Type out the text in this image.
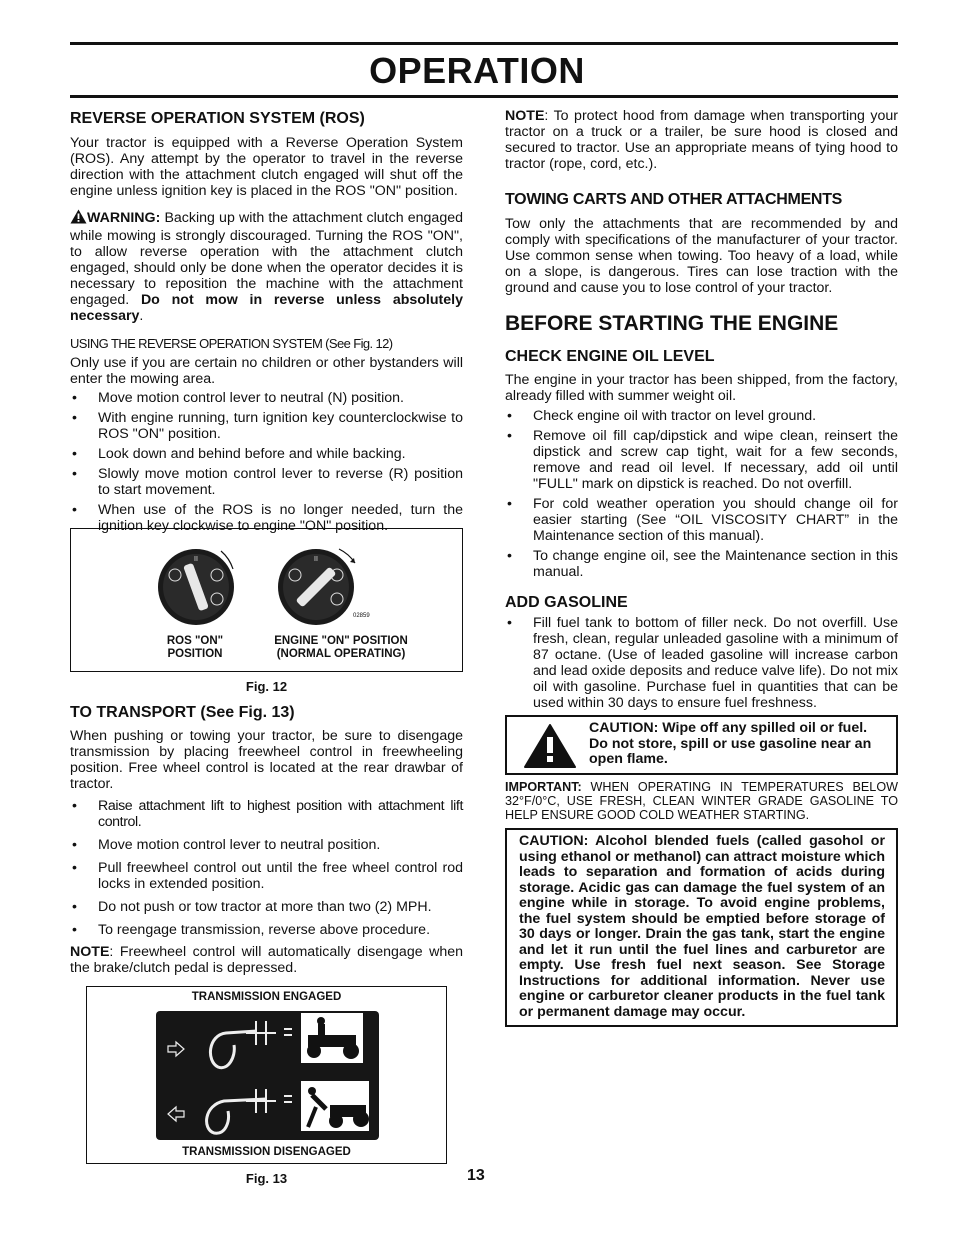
OPERATION
REVERSE OPERATION SYSTEM (ROS)

Your tractor is equipped with a Reverse Operation System (ROS). Any attempt by the operator to travel in the reverse direction with the attachment clutch engaged will shut off the engine unless ignition key is placed in the ROS "ON" position.

WARNING: Backing up with the attachment clutch engaged while mowing is strongly discouraged. Turning the ROS "ON", to allow reverse operation with the attachment clutch engaged, should only be done when the operator decides it is necessary to reposition the machine with the attachment engaged. Do not mow in reverse unless absolutely necessary.

USING THE REVERSE OPERATION SYSTEM (See Fig. 12)

Only use if you are certain no children or other bystanders will enter the mowing area.

• Move motion control lever to neutral (N) position.
• With engine running, turn ignition key counterclockwise to ROS "ON" position.
• Look down and behind before and while backing.
• Slowly move motion control lever to reverse (R) position to start movement.
• When use of the ROS is no longer needed, turn the ignition key clockwise to engine "ON" position.
II	II
02859
ROS "ON" POSITION
ENGINE "ON" POSITION (NORMAL OPERATING)
Fig. 12
TO TRANSPORT (See Fig. 13)

When pushing or towing your tractor, be sure to disengage transmission by placing freewheel control in freewheeling position. Free wheel control is located at the rear drawbar of tractor.

• Raise attachment lift to highest position with attachment lift control.
• Move motion control lever to neutral position.
• Pull freewheel control out until the free wheel control rod locks in extended position.
• Do not push or tow tractor at more than two (2) MPH.
• To reengage transmission, reverse above procedure.

NOTE: Freewheel control will automatically disengage when the brake/clutch pedal is depressed.

TRANSMISSION ENGAGED
TRANSMISSION DISENGAGED
Fig. 13

NOTE: To protect hood from damage when transporting your tractor on a truck or a trailer, be sure hood is closed and secured to tractor. Use an appropriate means of tying hood to tractor (rope, cord, etc.).

TOWING CARTS AND OTHER ATTACHMENTS

Tow only the attachments that are recommended by and comply with specifications of the manufacturer of your tractor. Use common sense when towing. Too heavy of a load, while on a slope, is dangerous. Tires can lose traction with the ground and cause you to lose control of your tractor.

BEFORE STARTING THE ENGINE
CHECK ENGINE OIL LEVEL

The engine in your tractor has been shipped, from the factory, already filled with summer weight oil.

• Check engine oil with tractor on level ground.
• Remove oil fill cap/dipstick and wipe clean, reinsert the dipstick and screw cap tight, wait for a few seconds, remove and read oil level. If necessary, add oil until "FULL" mark on dipstick is reached. Do not overfill.
• For cold weather operation you should change oil for easier starting (See “OIL VISCOSITY CHART” in the Maintenance section of this manual).
• To change engine oil, see the Maintenance section in this manual.
ADD GASOLINE
• Fill fuel tank to bottom of filler neck. Do not overfill. Use fresh, clean, regular unleaded gasoline with a minimum of 87 octane. (Use of leaded gasoline will increase carbon and lead oxide deposits and reduce valve life). Do not mix oil with gasoline. Purchase fuel in quantities that can be used within 30 days to ensure fuel freshness.
CAUTION: Wipe off any spilled oil or fuel. Do not store, spill or use gasoline near an open flame.
IMPORTANT: WHEN OPERATING IN TEMPERATURES BELOW 32°F/0°C, USE FRESH, CLEAN WINTER GRADE GASOLINE TO HELP ENSURE GOOD COLD WEATHER STARTING.
CAUTION: Alcohol blended fuels (called gasohol or using ethanol or methanol) can attract moisture which leads to separation and formation of acids during storage. Acidic gas can damage the fuel system of an engine while in storage. To avoid engine problems, the fuel system should be emptied before storage of 30 days or longer. Drain the gas tank, start the engine and let it run until the fuel lines and carburetor are empty. Use fresh fuel next season. See Storage Instructions for additional information. Never use engine or carburetor cleaner products in the fuel tank or permanent damage may occur.
13
